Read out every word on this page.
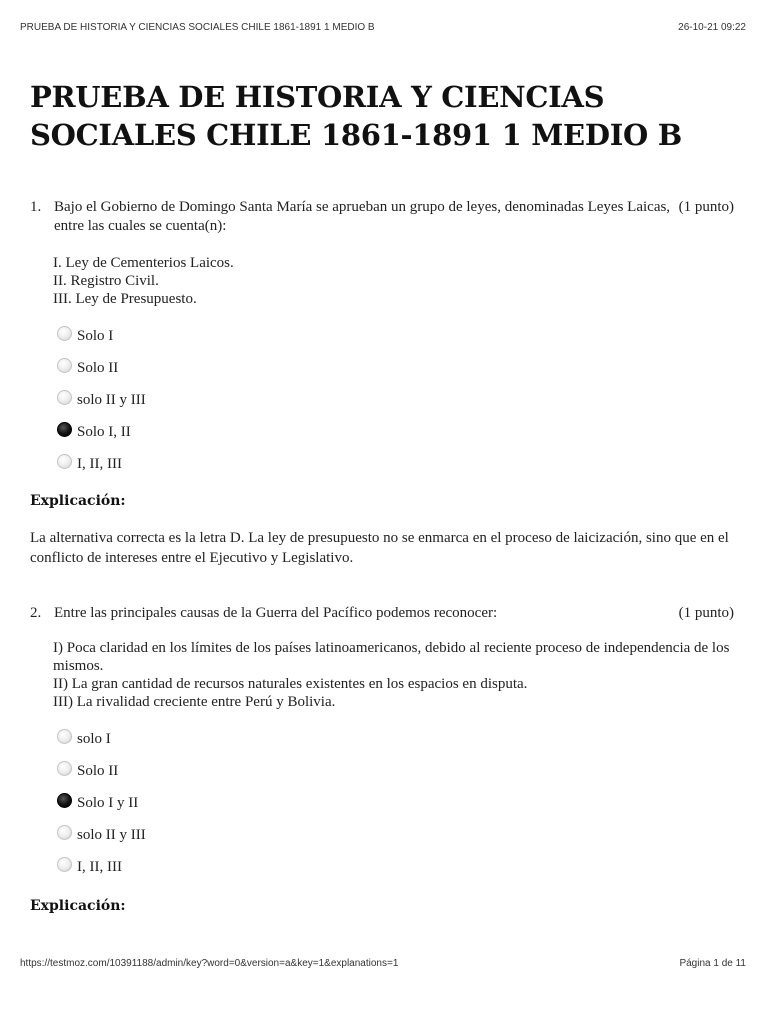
PRUEBA DE HISTORIA Y CIENCIAS SOCIALES CHILE 1861-1891 1 MEDIO B	26-10-21 09:22
PRUEBA DE HISTORIA Y CIENCIAS SOCIALES CHILE 1861-1891 1 MEDIO B
1. Bajo el Gobierno de Domingo Santa María se aprueban un grupo de leyes, denominadas Leyes Laicas, entre las cuales se cuenta(n):
(1 punto)
I. Ley de Cementerios Laicos.
II. Registro Civil.
III. Ley de Presupuesto.
Solo I
Solo II
solo II y III
Solo I, II
I, II, III
Explicación:

La alternativa correcta es la letra D. La ley de presupuesto no se enmarca en el proceso de laicización, sino que en el conflicto de intereses entre el Ejecutivo y Legislativo.

2. Entre las principales causas de la Guerra del Pacífico podemos reconocer:	(1 punto)
I) Poca claridad en los límites de los países latinoamericanos, debido al reciente proceso de independencia de los mismos.
II) La gran cantidad de recursos naturales existentes en los espacios en disputa.
III) La rivalidad creciente entre Perú y Bolivia.
solo I
Solo II
Solo I y II
solo II y III
I, II, III
Explicación:
https://testmoz.com/10391188/admin/key?word=0&version=a&key=1&explanations=1	Página 1 de 11
